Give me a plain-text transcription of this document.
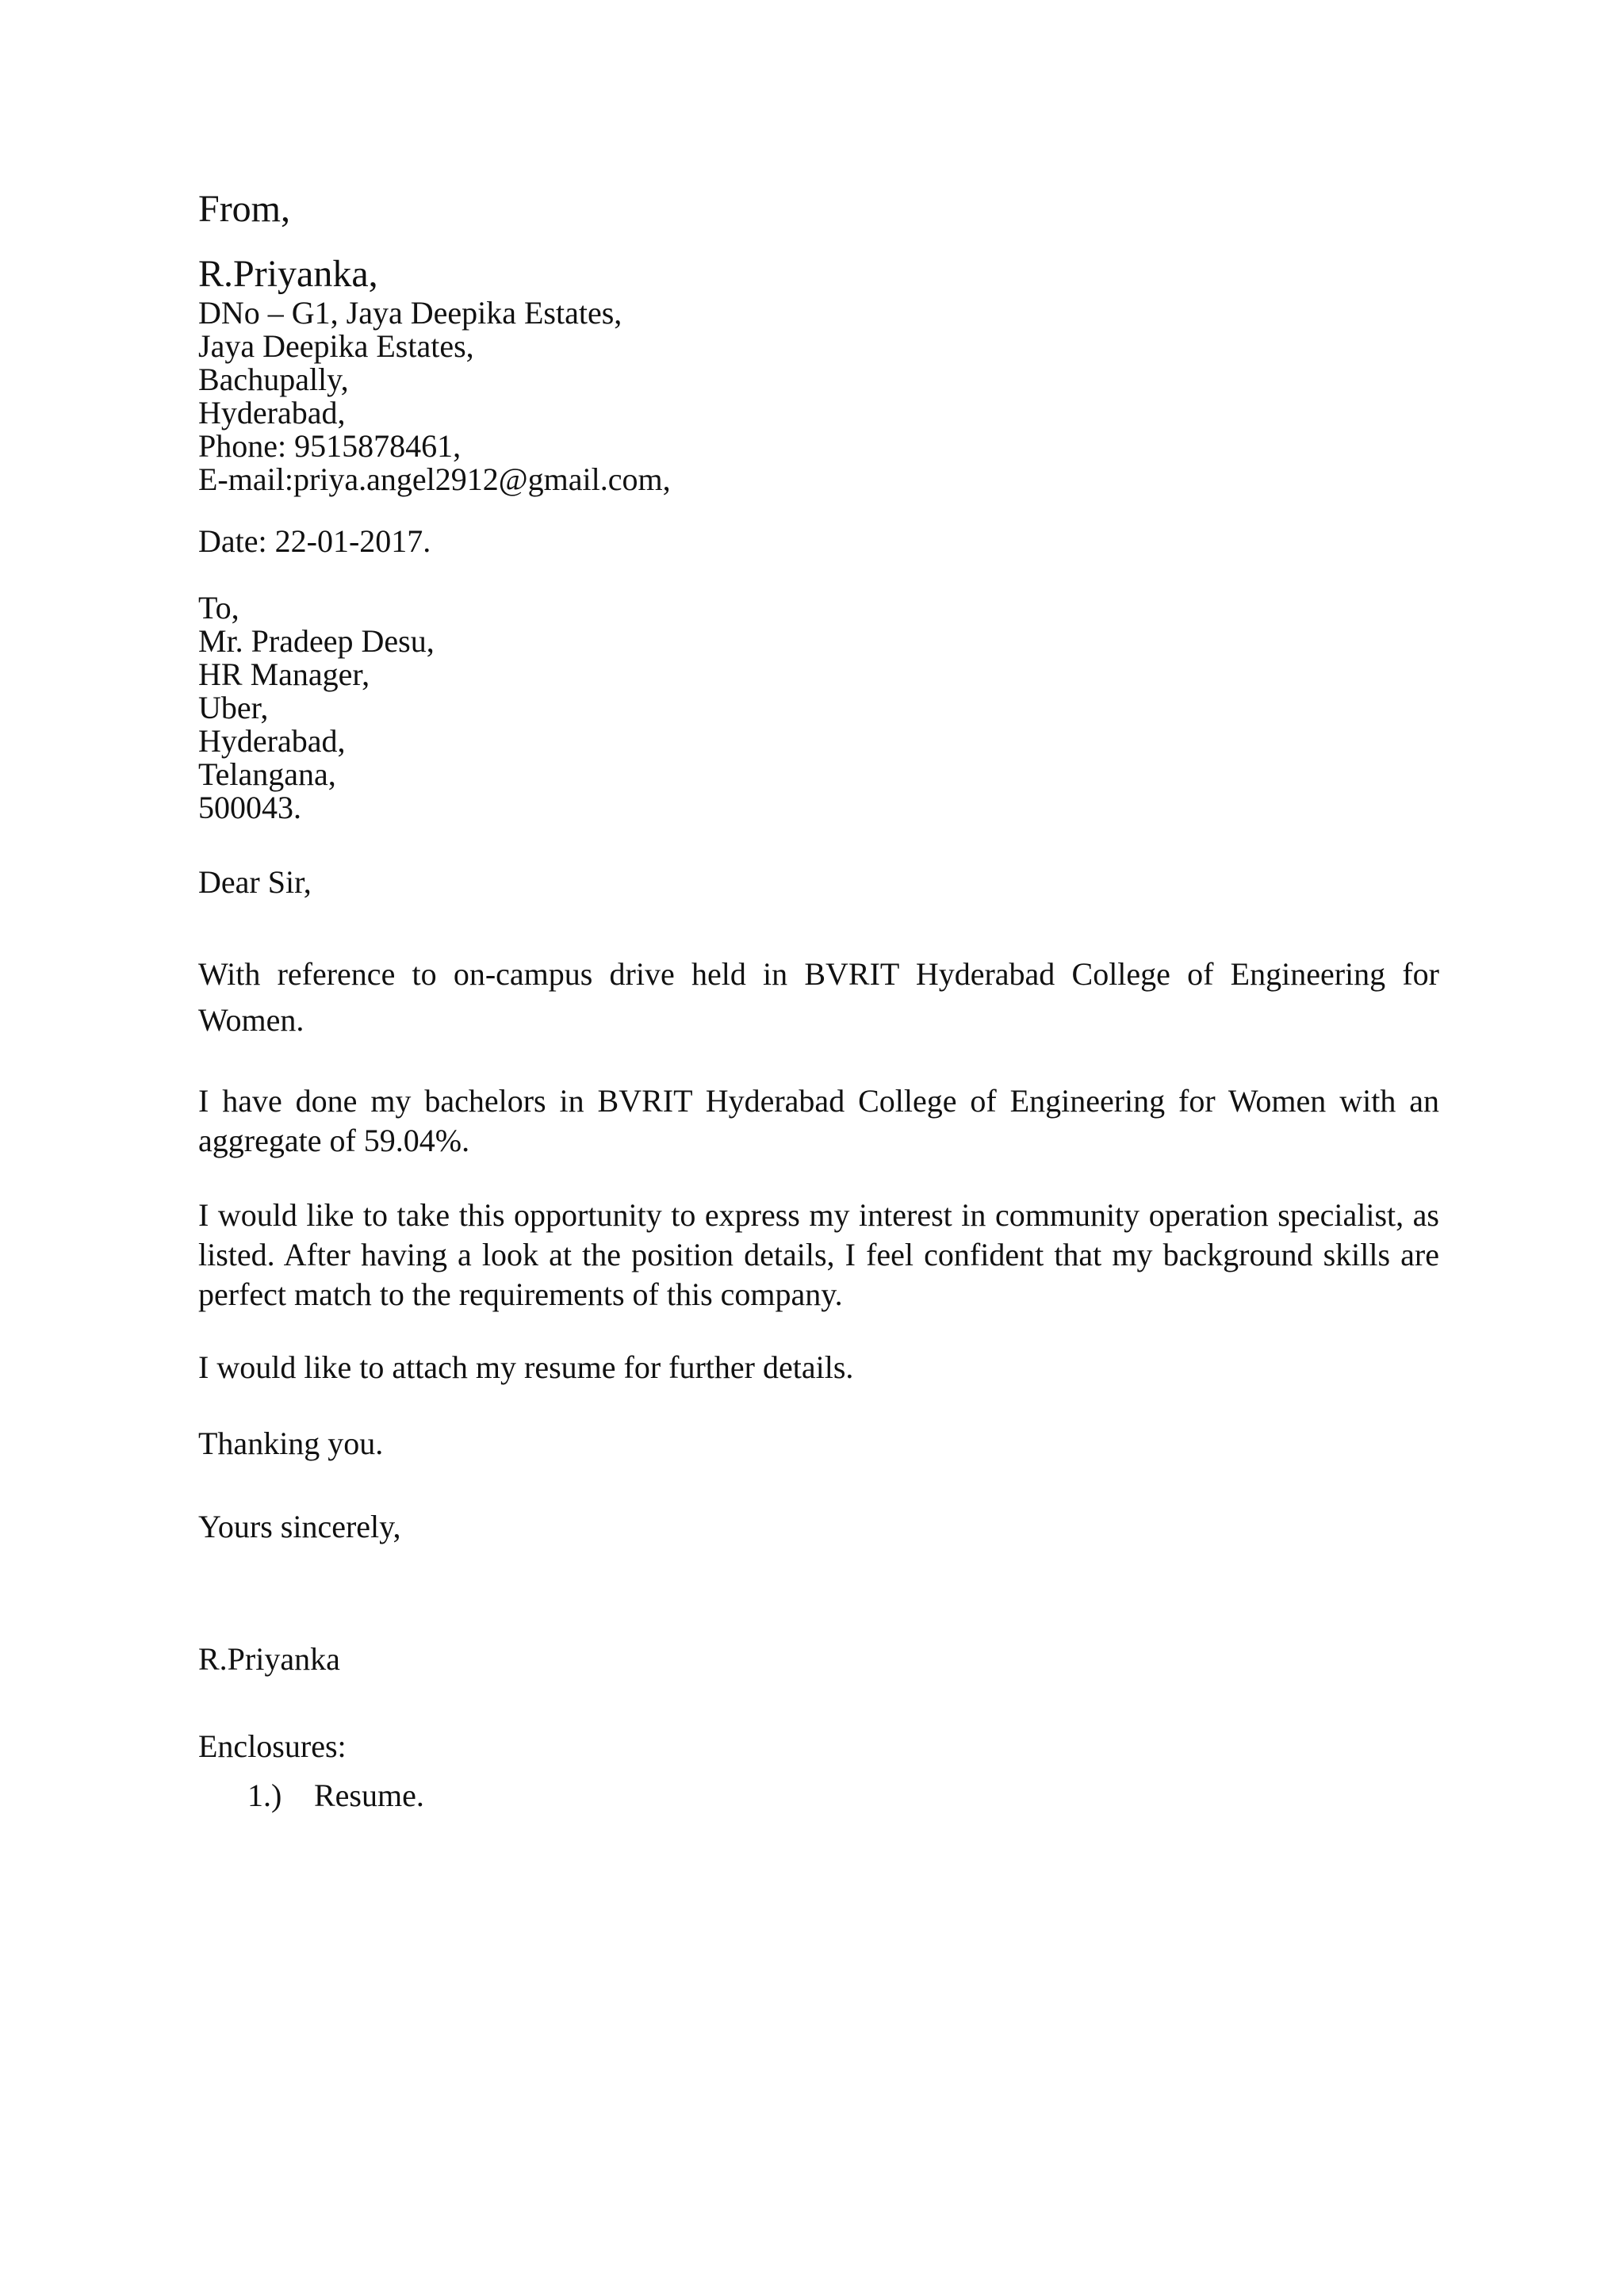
From,
R.Priyanka,
DNo – G1, Jaya Deepika Estates,
Jaya Deepika Estates,
Bachupally,
Hyderabad,
Phone: 9515878461,
E-mail:priya.angel2912@gmail.com,
Date: 22-01-2017.
To,
Mr. Pradeep Desu,
HR Manager,
Uber,
Hyderabad,
Telangana,
500043.
Dear Sir,
With reference to on-campus drive held in BVRIT Hyderabad College of Engineering for Women.
I have done my bachelors in BVRIT Hyderabad College of Engineering for Women with an aggregate of 59.04%.
I would like to take this opportunity to express my interest in community operation specialist, as listed. After having a look at the position details, I feel confident that my background skills are perfect match to the requirements of this company.
I would like to attach my resume for further details.
Thanking you.
Yours sincerely,
R.Priyanka
Enclosures:
1.) Resume.
